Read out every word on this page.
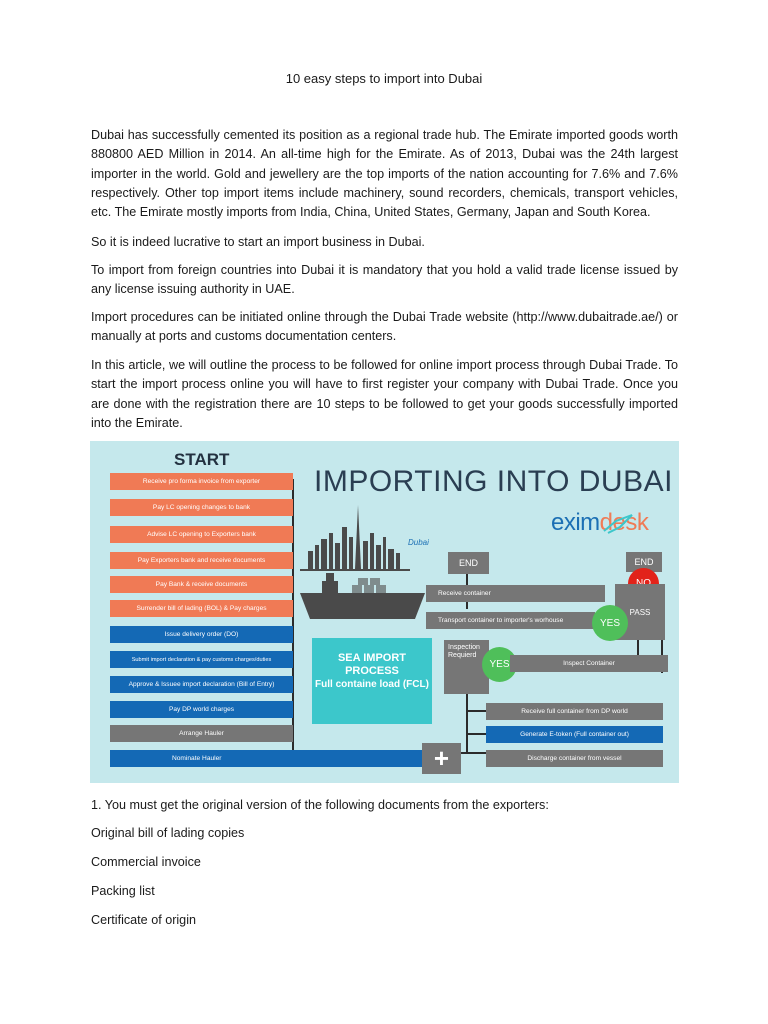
10 easy steps to import into Dubai

Dubai has successfully cemented its position as a regional trade hub. The Emirate imported goods worth 880800 AED Million in 2014. An all-time high for the Emirate. As of 2013, Dubai was the 24th largest importer in the world. Gold and jewellery are the top imports of the nation accounting for 7.6% and 7.6% respectively. Other top import items include machinery, sound recorders, chemicals, transport vehicles, etc. The Emirate mostly imports from India, China, United States, Germany, Japan and South Korea.

So it is indeed lucrative to start an import business in Dubai.

To import from foreign countries into Dubai it is mandatory that you hold a valid trade license issued by any license issuing authority in UAE.

Import procedures can be initiated online through the Dubai Trade website (http://www.dubaitrade.ae/) or manually at ports and customs documentation centers.

In this article, we will outline the process to be followed for online import process through Dubai Trade. To start the import process online you will have to first register your company with Dubai Trade. Once you are done with the registration there are 10 steps to be followed to get your goods successfully imported into the Emirate.

START
IMPORTING INTO DUBAI
eximdesk
Dubai
Receive pro forma invoice from exporter
Pay LC opening changes to bank
Advise LC opening to Exporters bank
Pay Exporters bank and receive documents
Pay Bank & receive documents
Surrender bill of lading (BOL) & Pay charges
Issue delivery order (DO)
Submit import declaration & pay customs charges/duties
Approve & Issuee import declaration (Bill of Entry)
Pay DP world charges
Arrange Hauler
Nominate Hauler
SEA IMPORT
PROCESS
Full containe load (FCL)
END	END
PASS
Receive container
Transport container to importer's worhouse	YES
Inspection Requierd
YES	Inspect Container
Receive full container from DP world
Generate E-token (Full container out)
Discharge container from vessel
+
1. You must get the original version of the following documents from the exporters:
Original bill of lading copies
Commercial invoice
Packing list
Certificate of origin
